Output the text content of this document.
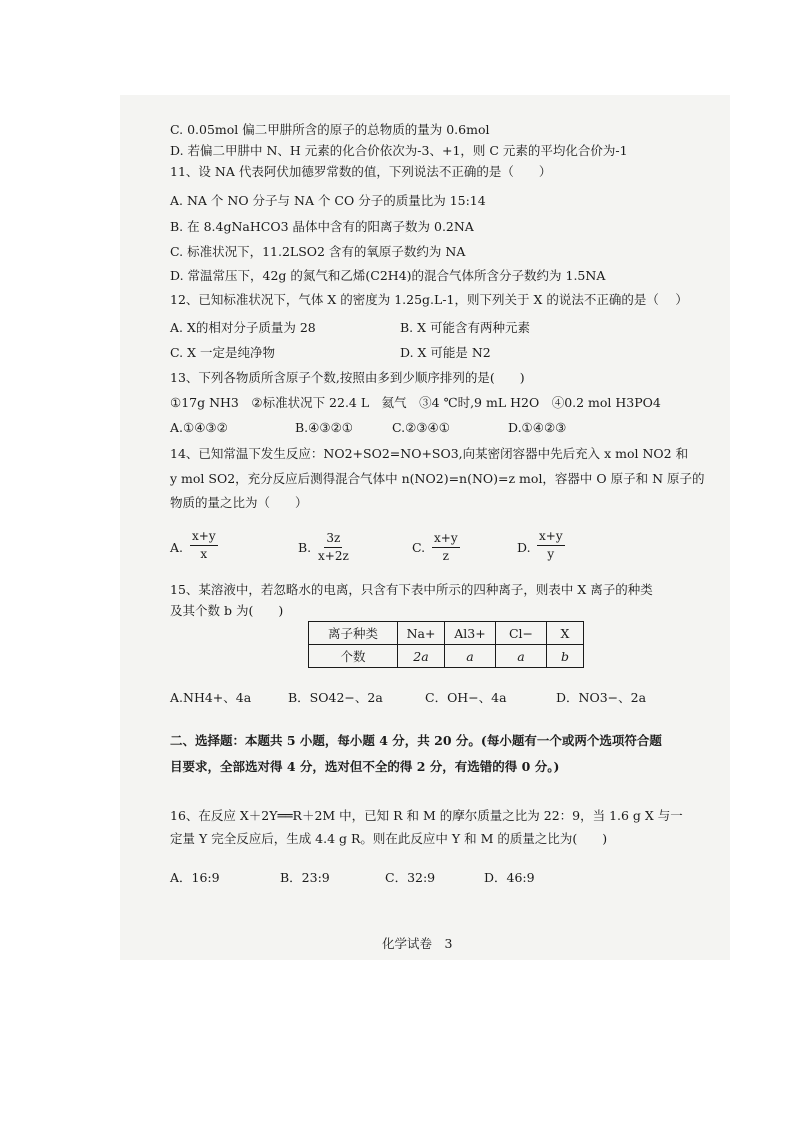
C. 0.05mol 偏二甲肼所含的原子的总物质的量为 0.6mol
D. 若偏二甲肼中 N、H 元素的化合价依次为-3、+1，则 C 元素的平均化合价为-1
11、设 NA 代表阿伏加德罗常数的值，下列说法不正确的是（　　）
A. NA 个 NO 分子与 NA 个 CO 分子的质量比为 15:14
B. 在 8.4gNaHCO3 晶体中含有的阳离子数为 0.2NA
C. 标准状况下，11.2LSO2 含有的氧原子数约为 NA
D. 常温常压下，42g 的氮气和乙烯(C2H4)的混合气体所含分子数约为 1.5NA
12、已知标准状况下，气体 X 的密度为 1.25g.L-1，则下列关于 X 的说法不正确的是（　 ）
A. X的相对分子质量为 28	B. X 可能含有两种元素
C. X 一定是纯净物	D. X 可能是 N2
13、下列各物质所含原子个数,按照由多到少顺序排列的是(　　)
①17g NH3　②标准状况下 22.4 L　氦气　③4 ℃时,9 mL H2O　④0.2 mol H3PO4
A.①④③②	B.④③②①	C.②③④①	D.①④②③
14、已知常温下发生反应：NO2+SO2=NO+SO3,向某密闭容器中先后充入 x mol NO2 和
y mol SO2，充分反应后测得混合气体中 n(NO2)=n(NO)=z mol，容器中 O 原子和 N 原子的
物质的量之比为（　　）
A. $\frac{x+y}{x}$	B. $\frac{3z}{x+2z}$	C. $\frac{x+y}{z}$	D. $\frac{x+y}{y}$
15、某溶液中，若忽略水的电离，只含有下表中所示的四种离子，则表中 X 离子的种类
及其个数 b 为(　　)
离子种类	Na+	Al3+	Cl−	X
个数	2a	a	a	b
A.NH4+、4a	B．SO42−、2a	C．OH−、4a	D．NO3−、2a
二、选择题：本题共 5 小题，每小题 4 分，共 20 分。(每小题有一个或两个选项符合题
目要求，全部选对得 4 分，选对但不全的得 2 分，有选错的得 0 分。)
16、在反应 X＋2Y══R＋2M 中，已知 R 和 M 的摩尔质量之比为 22：9，当 1.6 g X 与一
定量 Y 完全反应后，生成 4.4 g R。则在此反应中 Y 和 M 的质量之比为(　　)
A．16:9	B．23:9	C．32:9	D．46:9
化学试卷　3
